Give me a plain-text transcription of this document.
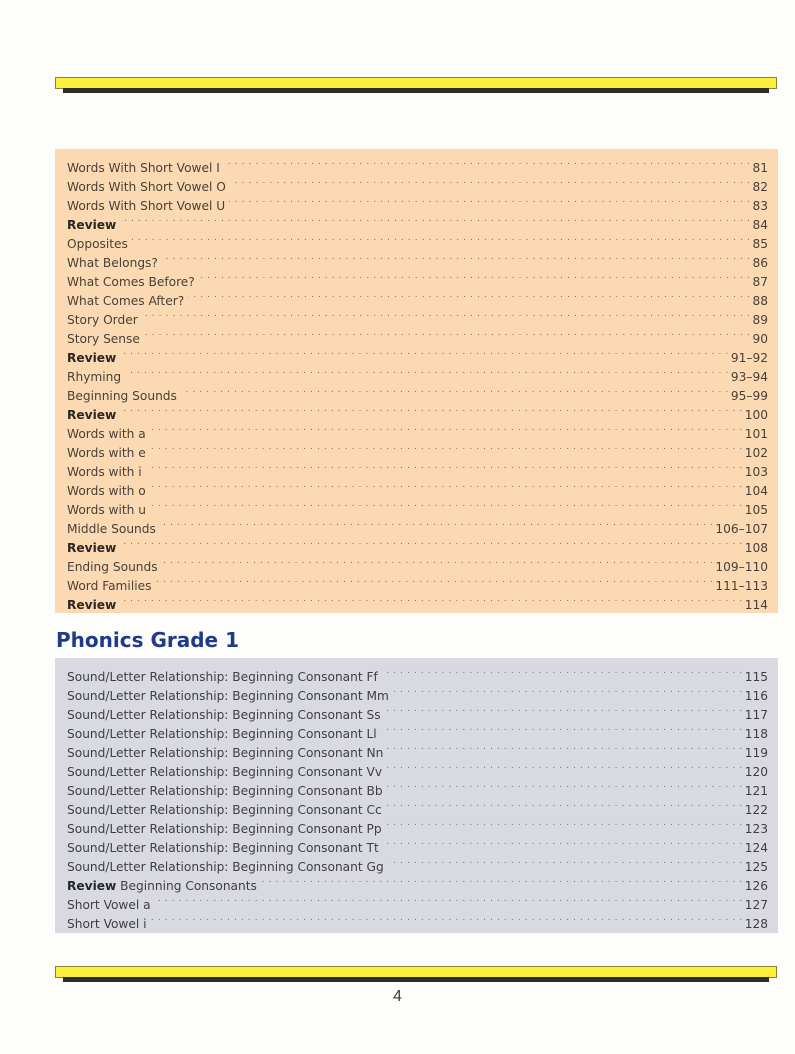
Words With Short Vowel I . . .	81
Words With Short Vowel O . . .	82
Words With Short Vowel U . . .	83
Review . . .	84
Opposites . . .	85
What Belongs? . . .	86
What Comes Before? . . .	87
What Comes After? . . .	88
Story Order . . .	89
Story Sense . . .	90
Review . . .	91–92
Rhyming . . .	93–94
Beginning Sounds . . .	95–99
Review . . .	100
Words with a . . .	101
Words with e . . .	102
Words with i . . .	103
Words with o . . .	104
Words with u . . .	105
Middle Sounds . . .	106–107
Review . . .	108
Ending Sounds . . .	109–110
Word Families . . .	111–113
Review . . .	114
Phonics Grade 1
Sound/Letter Relationship: Beginning Consonant Ff . . .	115
Sound/Letter Relationship: Beginning Consonant Mm . . .	116
Sound/Letter Relationship: Beginning Consonant Ss . . .	117
Sound/Letter Relationship: Beginning Consonant Ll . . .	118
Sound/Letter Relationship: Beginning Consonant Nn . . .	119
Sound/Letter Relationship: Beginning Consonant Vv . . .	120
Sound/Letter Relationship: Beginning Consonant Bb . . .	121
Sound/Letter Relationship: Beginning Consonant Cc . . .	122
Sound/Letter Relationship: Beginning Consonant Pp . . .	123
Sound/Letter Relationship: Beginning Consonant Tt . . .	124
Sound/Letter Relationship: Beginning Consonant Gg . . .	125
Review Beginning Consonants . . .	126
Short Vowel a . . .	127
Short Vowel i . . .	128
4
